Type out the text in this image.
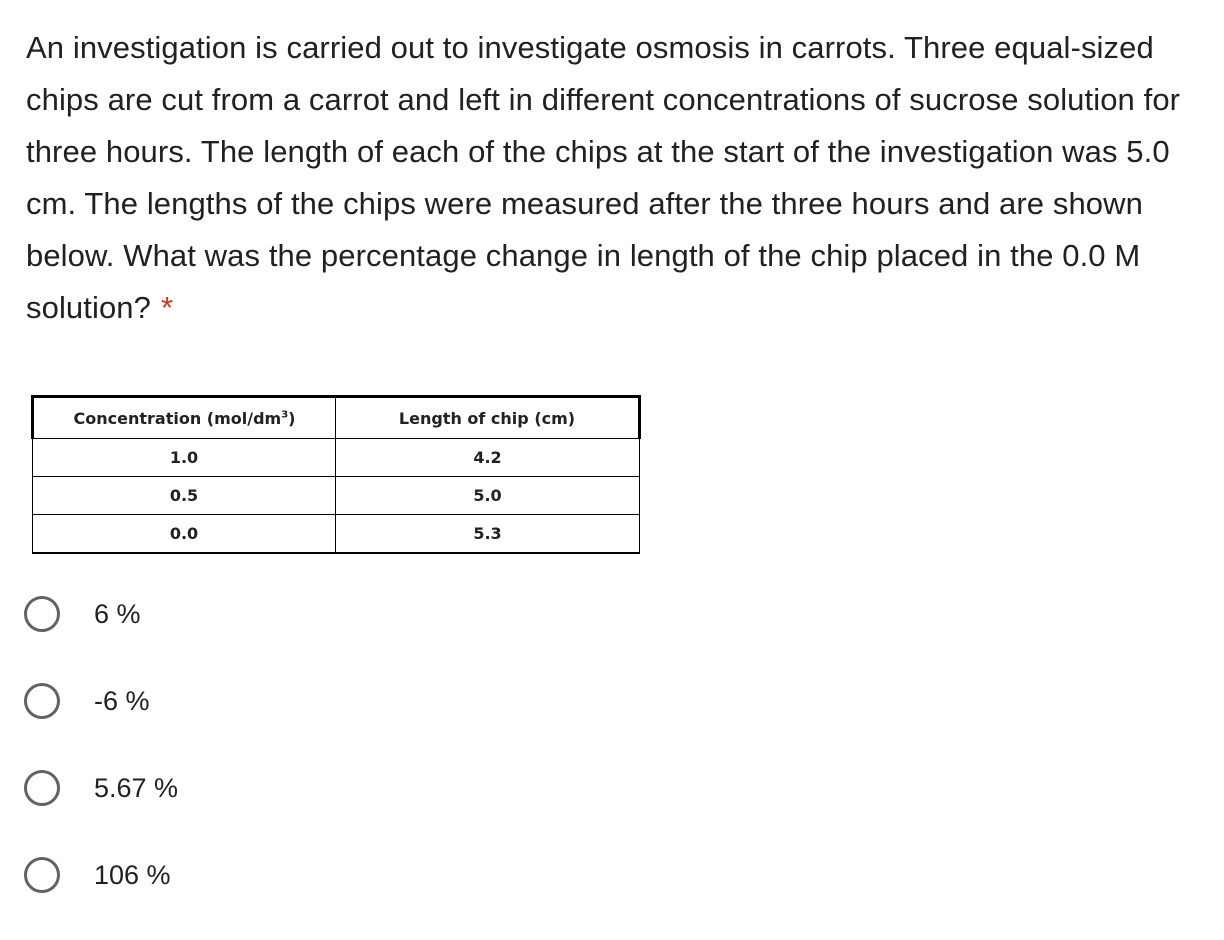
An investigation is carried out to investigate osmosis in carrots. Three equal-sized chips are cut from a carrot and left in different concentrations of sucrose solution for three hours. The length of each of the chips at the start of the investigation was 5.0 cm. The lengths of the chips were measured after the three hours and are shown below. What was the percentage change in length of the chip placed in the 0.0 M solution? *
Concentration $(mol/dm^3)$	Length of chip (cm)
1.0	4.2
0.5	5.0
0.0	5.3
6 %
-6 %
5.67 %
106 %
